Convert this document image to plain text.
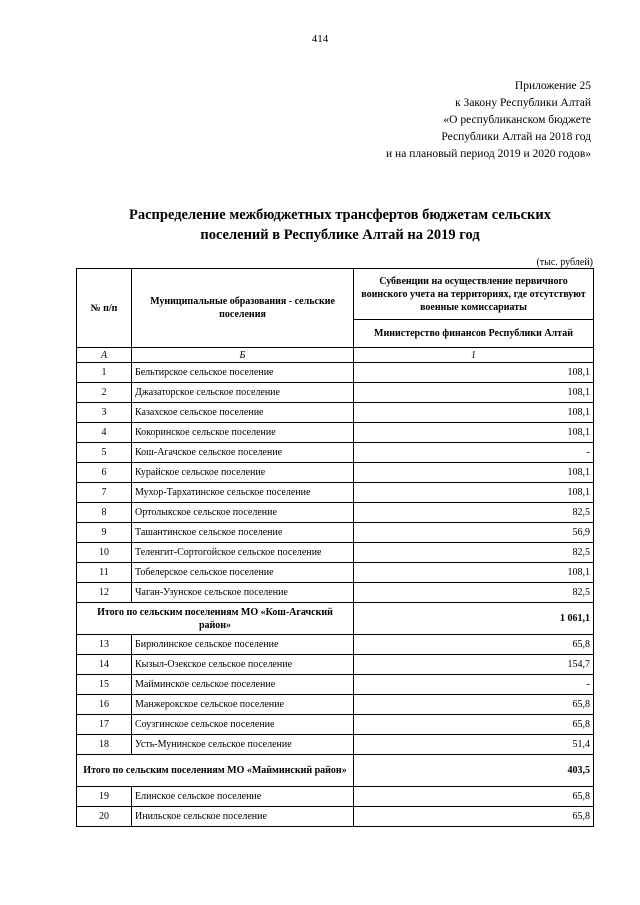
414
Приложение 25
к Закону Республики Алтай
«О республиканском бюджете
Республики Алтай на 2018 год
и на плановый период 2019 и 2020 годов»
Распределение межбюджетных трансфертов бюджетам сельских
поселений в Республике Алтай на 2019 год
(тыс. рублей)
№ п/п	Муниципальные образования - сельские поселения	Субвенции на осуществление первичного воинского учета на территориях, где отсутствуют военные комиссариаты
		Министерство финансов Республики Алтай
А	Б	1
1	Бельтирское сельское поселение	108,1
2	Джазаторское сельское поселение	108,1
3	Казахское сельское поселение	108,1
4	Кокоринское сельское поселение	108,1
5	Кош-Агачское сельское поселение	-
6	Курайское сельское поселение	108,1
7	Мухор-Тархатинское сельское поселение	108,1
8	Ортолыкское сельское поселение	82,5
9	Ташантинское сельское поселение	56,9
10	Теленгит-Сортогойское сельское поселение	82,5
11	Тобелерское сельское поселение	108,1
12	Чаган-Узунское сельское поселение	82,5
Итого по сельским поселениям МО «Кош-Агачский район»		1 061,1
13	Бирюлинское сельское поселение	65,8
14	Кызыл-Озекское сельское поселение	154,7
15	Майминское сельское поселение	-
16	Манжерокское сельское поселение	65,8
17	Соузгинское сельское поселение	65,8
18	Усть-Мунинское сельское поселение	51,4
Итого по сельским поселениям МО «Майминский район»		403,5
19	Елинское сельское поселение	65,8
20	Инильское сельское поселение	65,8
